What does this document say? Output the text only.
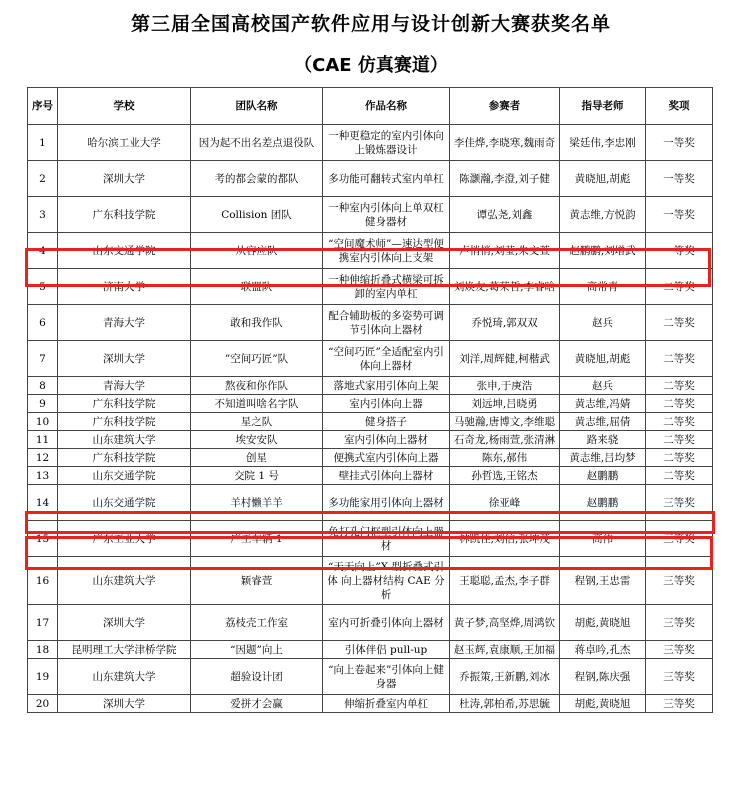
第三届全国高校国产软件应用与设计创新大赛获奖名单
（CAE 仿真赛道）
序号	学校	团队名称	作品名称	参赛者	指导老师	奖项
1	哈尔滨工业大学	因为起不出名差点退役队	一种更稳定的室内引体向上锻炼器设计	李佳烨,李晓寒,魏雨奇	梁廷伟,李忠刚	一等奖
2	深圳大学	考的都会蒙的都队	多功能可翻转式室内单杠	陈灏瀚,李澄,刘子健	黄晓旭,胡彪	一等奖
3	广东科技学院	Collision 团队	一种室内引体向上单双杠健身器材	谭弘尧,刘鑫	黄志维,方悦韵	一等奖
4	山东交通学院	从容应队	“空间魔术师”—速达型便携室内引体向上支架	卢悄悄,刘莹,朱文萱	赵鹏鹏,刘增武	一等奖
5	济南大学	联盟队	一种伸缩折叠式横梁可拆卸的室内单杠	刘焕友,葛荣哲,李睿晗	高常青	二等奖
6	青海大学	敢和我作队	配合辅助板的多姿势可调节引体向上器材	乔悦琦,郭双双	赵兵	二等奖
7	深圳大学	”空间巧匠”队	“空间巧匠”全适配室内引体向上器材	刘洋,周辉健,柯楷武	黄晓旭,胡彪	二等奖
8	青海大学	熬夜和你作队	落地式家用引体向上架	张申,于庚浩	赵兵	二等奖
9	广东科技学院	不知道叫啥名字队	室内引体向上器	刘远坤,吕晓勇	黄志维,冯婧	二等奖
10	广东科技学院	星之队	健身搭子	马驰瀚,唐博文,李维聪	黄志维,屈倩	二等奖
11	山东建筑大学	埃安安队	室内引体向上器材	石奇龙,杨雨萱,张清淋	路来骁	二等奖
12	广东科技学院	创星	便携式室内引体向上器	陈东,郝伟	黄志维,吕均梦	二等奖
13	山东交通学院	交院 1 号	壁挂式引体向上器材	孙哲选,王铭杰	赵鹏鹏	二等奖
14	山东交通学院	羊村懒羊羊	多功能家用引体向上器材	徐亚峰	赵鹏鹏	三等奖
15	广东工业大学	广工车辆 1	免打孔门框型引体向上器材	林凯佳,刘信,张坤茂	高伟	三等奖
16	山东建筑大学	颖睿萱	“天天向上”X 型折叠式引体 向上器材结构 CAE 分析	王聪聪,孟杰,李子群	程钢,王忠雷	三等奖
17	深圳大学	荔枝壳工作室	室内可折叠引体向上器材	黄子梦,高坚烨,周鸿钦	胡彪,黄晓旭	三等奖
18	昆明理工大学津桥学院	“因题”向上	引体伴侣 pull-up	赵玉辉,袁康顺,王加福	蒋卓吟,孔杰	三等奖
19	山东建筑大学	超验设计团	“向上卷起来”引体向上健身器	乔振策,王新鹏,刘冰	程钢,陈庆强	三等奖
20	深圳大学	爱拼才会赢	伸缩折叠室内单杠	杜涛,郭柏希,苏思毓	胡彪,黄晓旭	三等奖
